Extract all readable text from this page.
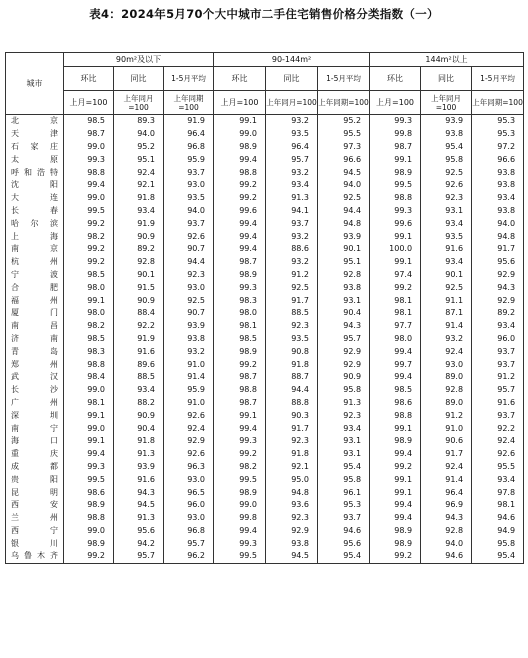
表4：2024年5月70个大中城市二手住宅销售价格分类指数（一）
城市	90m²及以下			90-144m²			144m²以上		
	环比	同比	1-5月平均	环比	同比	1-5月平均	环比	同比	1-5月平均
	上月=100	上年同月=100	上年同期=100	上月=100	上年同月=100	上年同期=100	上月=100	上年同月=100	上年同期=100
北　　京	98.5	89.3	91.9	99.1	93.2	95.2	99.3	93.9	95.3
天　　津	98.7	94.0	96.4	99.0	93.5	95.5	99.8	93.8	95.3
石家庄	99.0	95.2	96.8	98.9	96.4	97.3	98.7	95.4	97.2
太　　原	99.3	95.1	95.9	99.4	95.7	96.6	99.1	95.8	96.6
呼和浩特	98.8	92.4	93.7	98.8	93.2	94.5	98.9	92.5	93.8
沈　　阳	99.4	92.1	93.0	99.2	93.4	94.0	99.5	92.6	93.8
大　　连	99.0	91.8	93.5	99.2	91.3	92.5	98.8	92.3	93.4
长　　春	99.5	93.4	94.0	99.6	94.1	94.4	99.3	93.1	93.8
哈尔滨	99.2	91.9	93.7	99.4	93.7	94.8	99.6	93.4	94.0
上　　海	98.2	90.9	92.6	99.4	93.2	93.9	99.1	93.5	94.8
南　　京	99.2	89.2	90.7	99.4	88.6	90.1	100.0	91.6	91.7
杭　　州	99.2	92.8	94.4	98.7	93.2	95.1	99.1	93.4	95.6
宁　　波	98.5	90.1	92.3	98.9	91.2	92.8	97.4	90.1	92.9
合　　肥	98.0	91.5	93.0	99.3	92.5	93.8	99.2	92.5	94.3
福　　州	99.1	90.9	92.5	98.3	91.7	93.1	98.1	91.1	92.9
厦　　门	98.0	88.4	90.7	98.0	88.5	90.4	98.1	87.1	89.2
南　　昌	98.2	92.2	93.9	98.1	92.3	94.3	97.7	91.4	93.4
济　　南	98.5	91.9	93.8	98.5	93.5	95.7	98.0	93.2	96.0
青　　岛	98.3	91.6	93.2	98.9	90.8	92.9	99.4	92.4	93.7
郑　　州	98.8	89.6	91.0	99.2	91.8	92.9	99.7	93.0	93.7
武　　汉	98.4	88.5	91.4	98.7	88.7	90.9	99.4	89.0	91.2
长　　沙	99.0	93.4	95.9	98.8	94.4	95.8	98.5	92.8	95.7
广　　州	98.1	88.2	91.0	98.7	88.8	91.3	98.6	89.0	91.6
深　　圳	99.1	90.9	92.6	99.1	90.3	92.3	98.8	91.2	93.7
南　　宁	99.0	90.4	92.4	99.4	91.7	93.4	99.1	91.0	92.2
海　　口	99.1	91.8	92.9	99.3	92.3	93.1	98.9	90.6	92.4
重　　庆	99.4	91.3	92.6	99.2	91.8	93.1	99.4	91.7	92.6
成　　都	99.3	93.9	96.3	98.2	92.1	95.4	99.2	92.4	95.5
贵　　阳	99.5	91.6	93.0	99.5	95.0	95.8	99.1	91.4	93.4
昆　　明	98.6	94.3	96.5	98.9	94.8	96.1	99.1	96.4	97.8
西　　安	98.9	94.5	96.0	99.0	93.6	95.3	99.4	96.9	98.1
兰　　州	98.8	91.3	93.0	99.8	92.3	93.7	99.4	94.3	94.6
西　　宁	99.0	95.6	96.8	99.4	92.9	94.6	98.9	92.8	94.9
银　　川	98.9	94.2	95.7	99.3	93.8	95.6	98.9	94.0	95.8
乌鲁木齐	99.2	95.7	96.2	99.5	94.5	95.4	99.2	94.6	95.4
